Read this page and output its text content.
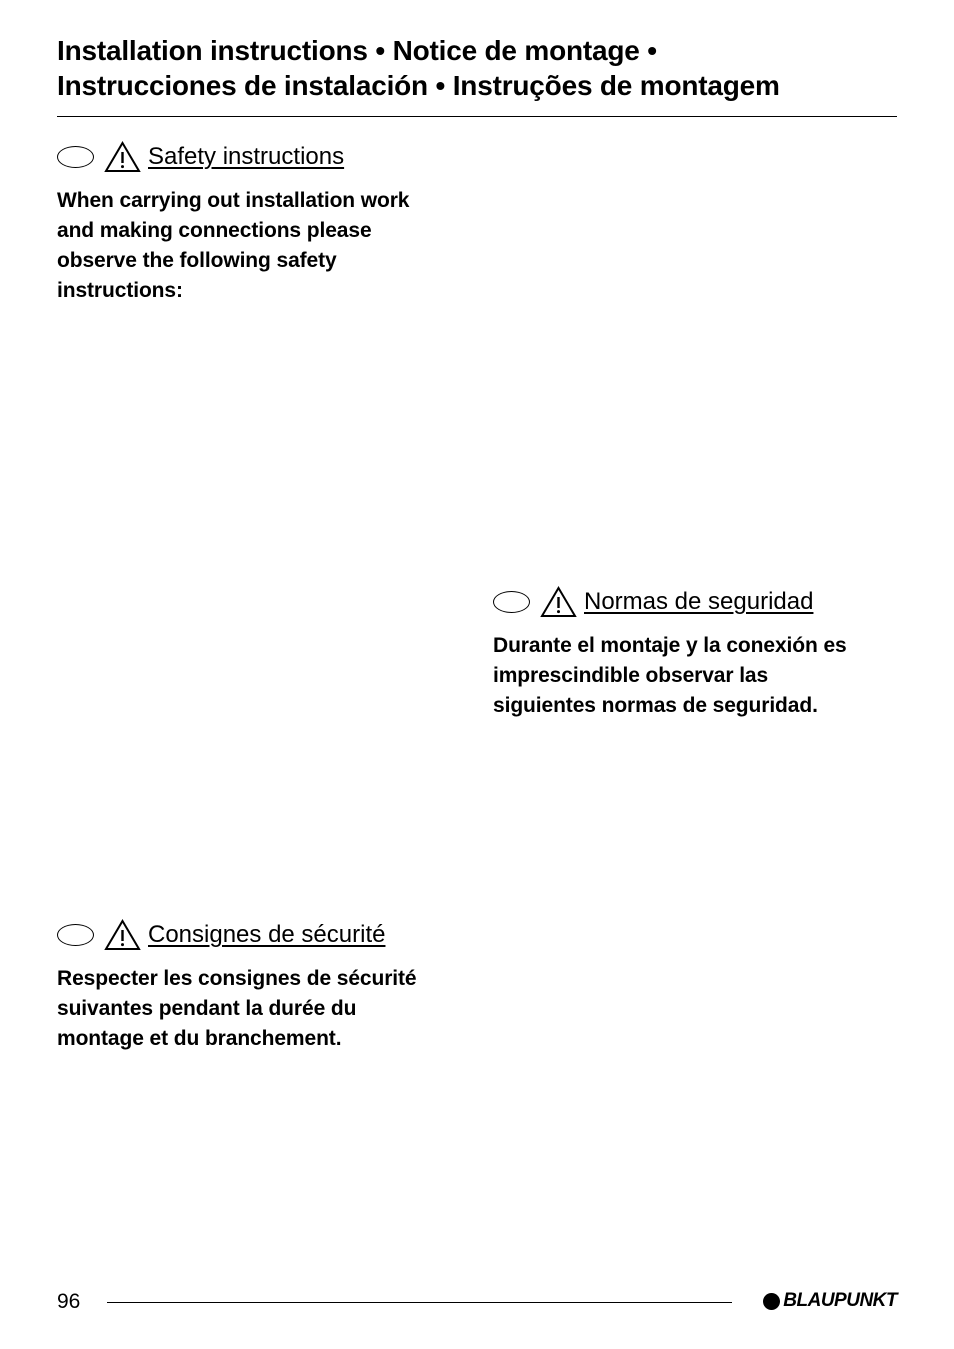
Installation instructions • Notice de montage •
Instrucciones de instalación • Instruções de montagem
Safety instructions

When carrying out installation work
and making connections please
observe the following safety
instructions:

Normas de seguridad

Durante el montaje y la conexión es
imprescindible observar las
siguientes normas de seguridad.

Consignes de sécurité

Respecter les consignes de sécurité
suivantes pendant la durée du
montage et du branchement.

96	BLAUPUNKT
